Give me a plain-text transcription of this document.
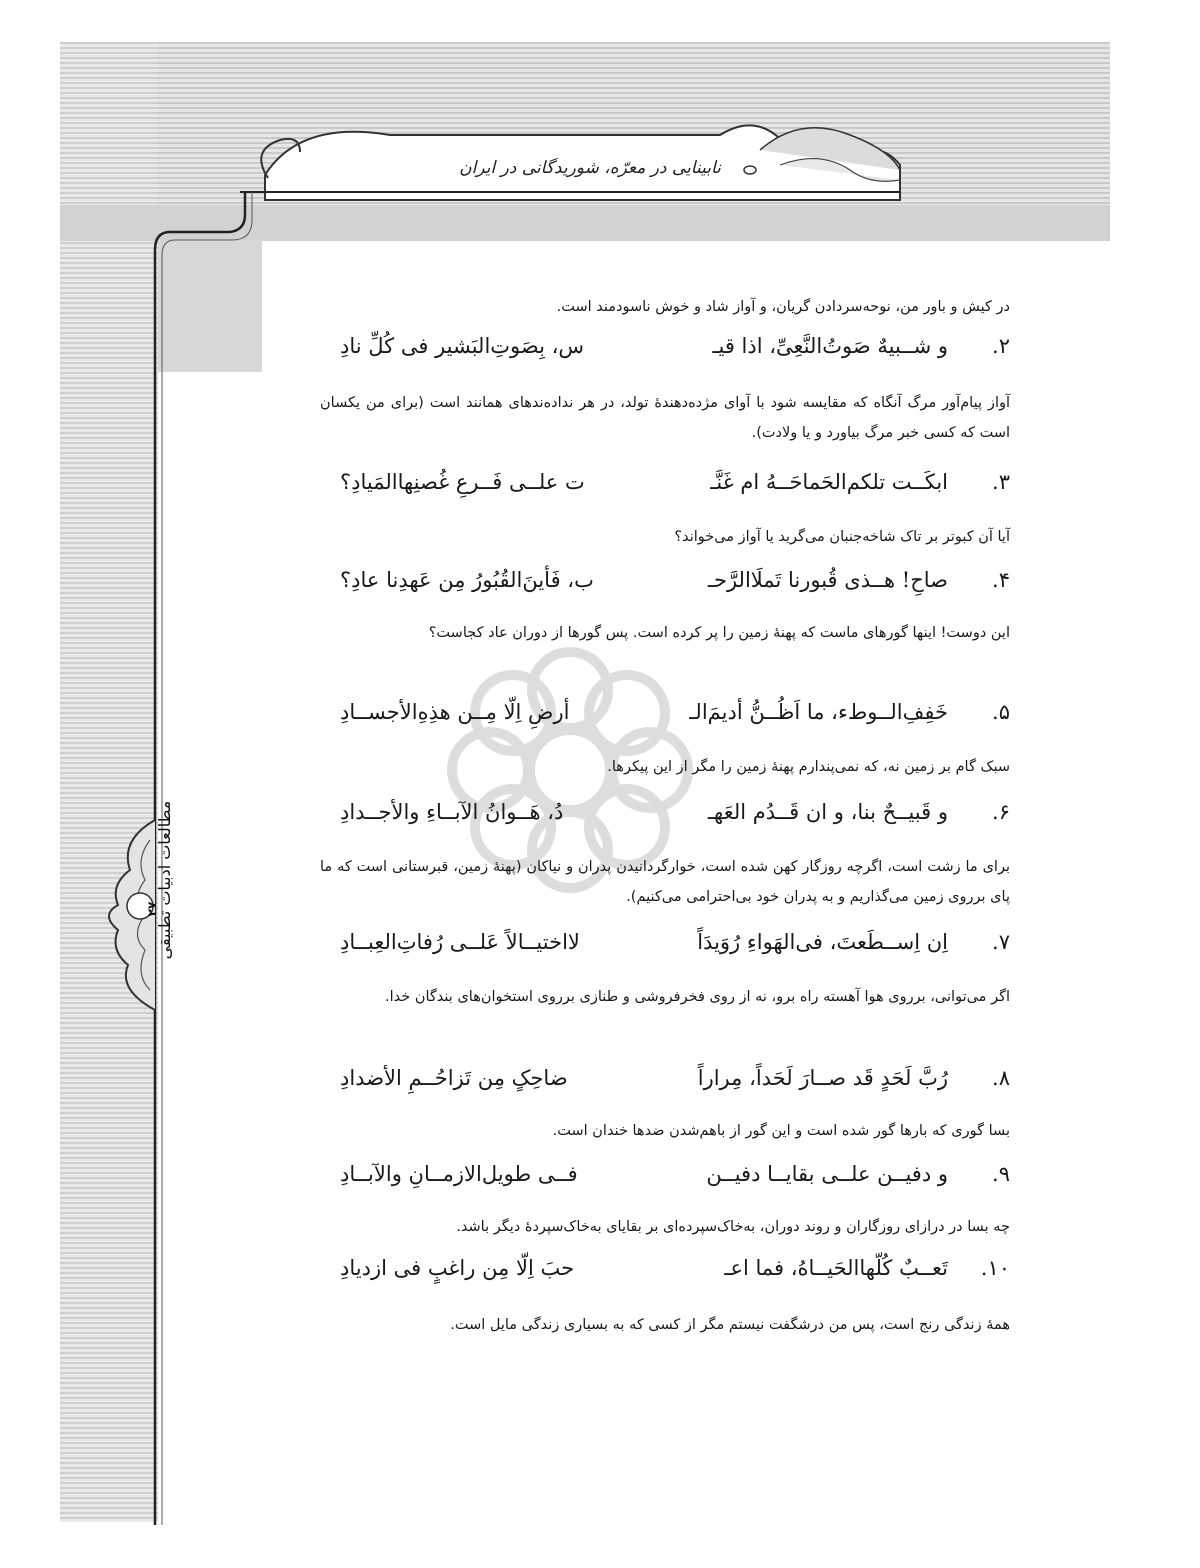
نابینایی در معرّه، شوریدگانی در ایران
۲۷
مطالعات ادبیات تطبیقی
در کیش و باور من، نوحه‌سردادن گریان، و آواز شاد و خوش ناسودمند است.
۲.
و شــبیهٌ صَوتُ‌النَّعِیِّ، اذا قیـ
س، بِصَوتِ‌البَشیر فی کُلِّ نادِ
آواز پیام‌آور مرگ آنگاه که مقایسه شود با آوای مژده‌دهندهٔ تولد، در هر نداده‌ندهای همانند است (برای من یکسان است که کسی خبر مرگ بیاورد و یا ولادت).
۳.
ابکَــت تلکم‌الحَماحَــهُ ام غَنَّـ
ت علــی فَــرعِ غُصنِهاالمَیادِ؟
آیا آن کبوتر بر تاک شاخه‌جنبان می‌گرید یا آواز می‌خواند؟
۴.
صاحِ! هــذی قُبورنا تَملَاالرَّحـ
ب، فَأینَ‌القُبُورُ مِن عَهدِنا عادِ؟
این دوست! اینها گورهای ماست که پهنهٔ زمین را پر کرده است. پس گورها از دوران عاد کجاست؟
۵.
خَفِفِ‌الــوطء، ما اَظُــنُّ أدیمَ‌الـ
أرضِ اِلّا مِــن هذِهِ‌الأجســادِ
سبک گام بر زمین نه، که نمی‌پندارم پهنهٔ زمین را مگر از این پیکرها.
۶.
و قَبیــحٌ بنا، و ان قَــدُم العَهـ
دُ، هَــوانُ الآبــاءِ والأجــدادِ
برای ما زشت است، اگرچه روزگار کهن شده است، خوارگردانیدن پدران و نیاکان (پهنهٔ زمین، قبرستانی است که ما پای برروی زمین می‌گذاریم و به پدران خود بی‌احترامی می‌کنیم).
۷.
اِن اِســطَعتَ، فی‌الهَواءِ رُوَیدَاً
لااختیــالاً عَلــی رُفاتِ‌العِبــادِ
اگر می‌توانی، برروی هوا آهسته راه برو، نه از روی فخرفروشی و طنازی برروی استخوان‌های بندگان خدا.
۸.
رُبَّ لَحَدٍ قَد صــارَ لَحَداً، مِراراً
ضاحِکٍ مِن تَزاحُــمِ الأضدادِ
بسا گوری که بارها گور شده است و این گور از باهم‌شدن ضدها خندان است.
۹.
و دفیــن علــی بقایــا دفیــن
فــی طویل‌الازمــانِ والآبــادِ
چه بسا در درازای روزگاران و روند دوران، به‌خاک‌سپرده‌ای بر بقایای به‌خاک‌سپردهٔ دیگر باشد.
۱۰.
تَعــبٌ کُلّهاالحَیــاهُ، فما اعـ
حبَ اِلّا مِن راغبٍ فی ازدیادِ
همهٔ زندگی رنج است، پس من درشگفت نیستم مگر از کسی که به بسیاری زندگی مایل است.
